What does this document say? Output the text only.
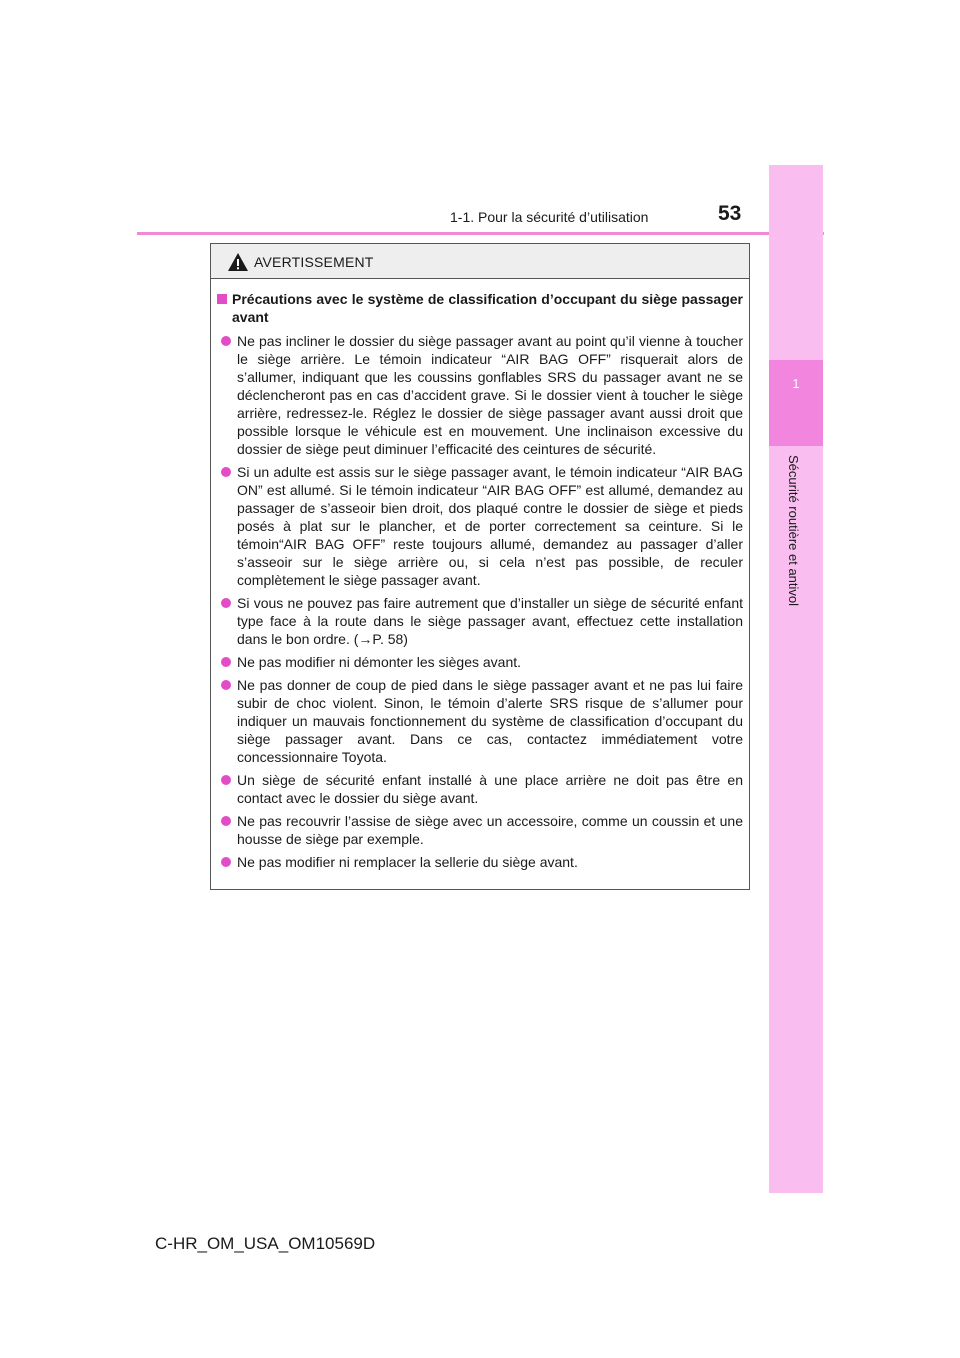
1-1. Pour la sécurité d’utilisation	53
1
Sécurité routière et antivol
AVERTISSEMENT
Précautions avec le système de classification d’occupant du siège passager avant
Ne pas incliner le dossier du siège passager avant au point qu’il vienne à toucher le siège arrière. Le témoin indicateur “AIR BAG OFF” risquerait alors de s’allumer, indiquant que les coussins gonflables SRS du passager avant ne se déclencheront pas en cas d’accident grave. Si le dossier vient à toucher le siège arrière, redressez-le. Réglez le dossier de siège passager avant aussi droit que possible lorsque le véhicule est en mouvement. Une inclinaison excessive du dossier de siège peut diminuer l’efficacité des ceintures de sécurité.
Si un adulte est assis sur le siège passager avant, le témoin indicateur “AIR BAG ON” est allumé. Si le témoin indicateur “AIR BAG OFF” est allumé, demandez au passager de s’asseoir bien droit, dos plaqué contre le dossier de siège et pieds posés à plat sur le plancher, et de porter correctement sa ceinture. Si le témoin“AIR BAG OFF” reste toujours allumé, demandez au passager d’aller s’asseoir sur le siège arrière ou, si cela n’est pas possible, de reculer complètement le siège passager avant.
Si vous ne pouvez pas faire autrement que d’installer un siège de sécurité enfant type face à la route dans le siège passager avant, effectuez cette installation dans le bon ordre. (→P. 58)
Ne pas modifier ni démonter les sièges avant.
Ne pas donner de coup de pied dans le siège passager avant et ne pas lui faire subir de choc violent. Sinon, le témoin d’alerte SRS risque de s’allumer pour indiquer un mauvais fonctionnement du système de classification d’occupant du siège passager avant. Dans ce cas, contactez immédiatement votre concessionnaire Toyota.
Un siège de sécurité enfant installé à une place arrière ne doit pas être en contact avec le dossier du siège avant.
Ne pas recouvrir l’assise de siège avec un accessoire, comme un coussin et une housse de siège par exemple.
Ne pas modifier ni remplacer la sellerie du siège avant.
C-HR_OM_USA_OM10569D
